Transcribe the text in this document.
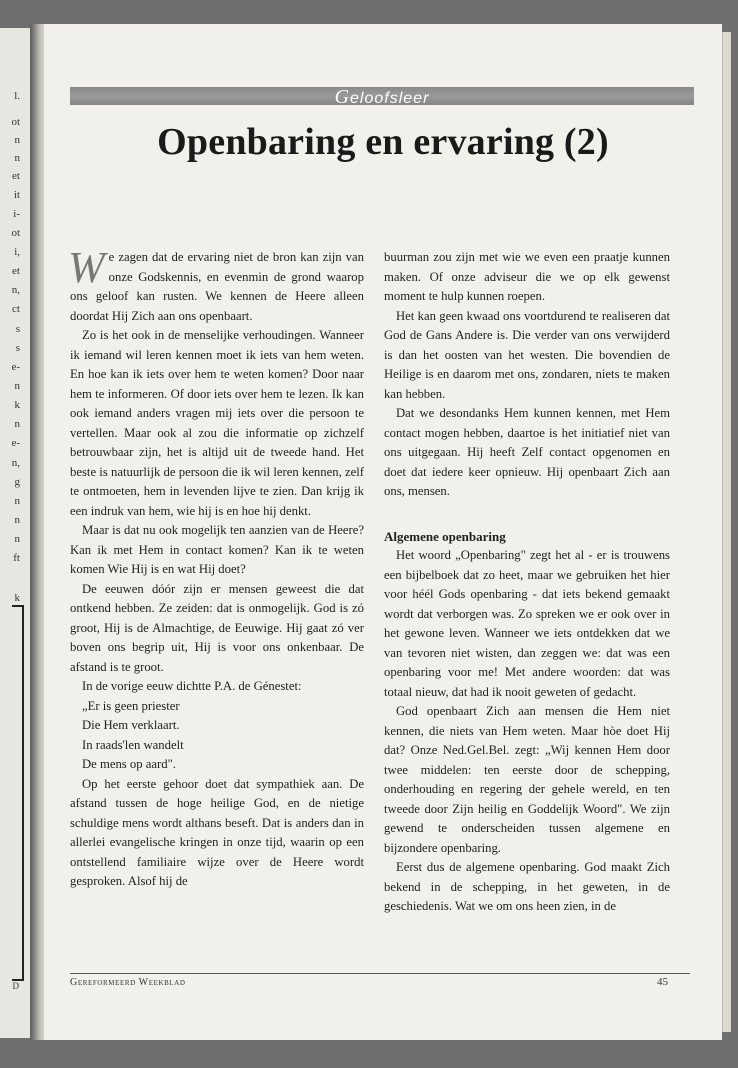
D
l.
ot
n
n
et
it
i-
ot
i,
et
n,
ct
s
s
e-
n
k
n
e-
n,
g
n
n
n
ft
k
Geloofsleer
Openbaring en ervaring (2)

We zagen dat de ervaring niet de bron kan zijn van onze Godskennis, en evenmin de grond waarop ons geloof kan rusten. We kennen de Heere alleen doordat Hij Zich aan ons openbaart.

Zo is het ook in de menselijke verhoudingen. Wanneer ik iemand wil leren kennen moet ik iets van hem weten. En hoe kan ik iets over hem te weten komen? Door naar hem te informeren. Of door iets over hem te lezen. Ik kan ook iemand anders vragen mij iets over die persoon te vertellen. Maar ook al zou die informatie op zichzelf betrouwbaar zijn, het is altijd uit de tweede hand. Het beste is natuurlijk de persoon die ik wil leren kennen, zelf te ontmoeten, hem in levenden lijve te zien. Dan krijg ik een indruk van hem, wie hij is en hoe hij denkt.

Maar is dat nu ook mogelijk ten aanzien van de Heere? Kan ik met Hem in contact komen? Kan ik te weten komen Wie Hij is en wat Hij doet?

De eeuwen dóór zijn er mensen geweest die dat ontkend hebben. Ze zeiden: dat is onmogelijk. God is zó groot, Hij is de Almachtige, de Eeuwige. Hij gaat zó ver boven ons begrip uit, Hij is voor ons onkenbaar. De afstand is te groot.

In de vorige eeuw dichtte P.A. de Génestet:

„Er is geen priester

Die Hem verklaart.

In raads'len wandelt

De mens op aard".

Op het eerste gehoor doet dat sympathiek aan. De afstand tussen de hoge heilige God, en de nietige schuldige mens wordt althans beseft. Dat is anders dan in allerlei evangelische kringen in onze tijd, waarin op een ontstellend familiaire wijze over de Heere wordt gesproken. Alsof hij de

buurman zou zijn met wie we even een praatje kunnen maken. Of onze adviseur die we op elk gewenst moment te hulp kunnen roepen.

Het kan geen kwaad ons voortdurend te realiseren dat God de Gans Andere is. Die verder van ons verwijderd is dan het oosten van het westen. Die bovendien de Heilige is en daarom met ons, zondaren, niets te maken kan hebben.

Dat we desondanks Hem kunnen kennen, met Hem contact mogen hebben, daartoe is het initiatief niet van ons uitgegaan. Hij heeft Zelf contact opgenomen en doet dat iedere keer opnieuw. Hij openbaart Zich aan ons, mensen.

Algemene openbaring

Het woord „Openbaring" zegt het al - er is trouwens een bijbelboek dat zo heet, maar we gebruiken het hier voor héél Gods openbaring - dat iets bekend gemaakt wordt dat verborgen was. Zo spreken we er ook over in het gewone leven. Wanneer we iets ontdekken dat we van tevoren niet wisten, dan zeggen we: dat was een openbaring voor me! Met andere woorden: dat was totaal nieuw, dat had ik nooit geweten of gedacht.

God openbaart Zich aan mensen die Hem niet kennen, die niets van Hem weten. Maar hòe doet Hij dat? Onze Ned.Gel.Bel. zegt: „Wij kennen Hem door twee middelen: ten eerste door de schepping, onderhouding en regering der gehele wereld, en ten tweede door Zijn heilig en Goddelijk Woord". We zijn gewend te onderscheiden tussen algemene en bijzondere openbaring.

Eerst dus de algemene openbaring. God maakt Zich bekend in de schepping, in het geweten, in de geschiedenis. Wat we om ons heen zien, in de

Gereformeerd Weekblad	45
